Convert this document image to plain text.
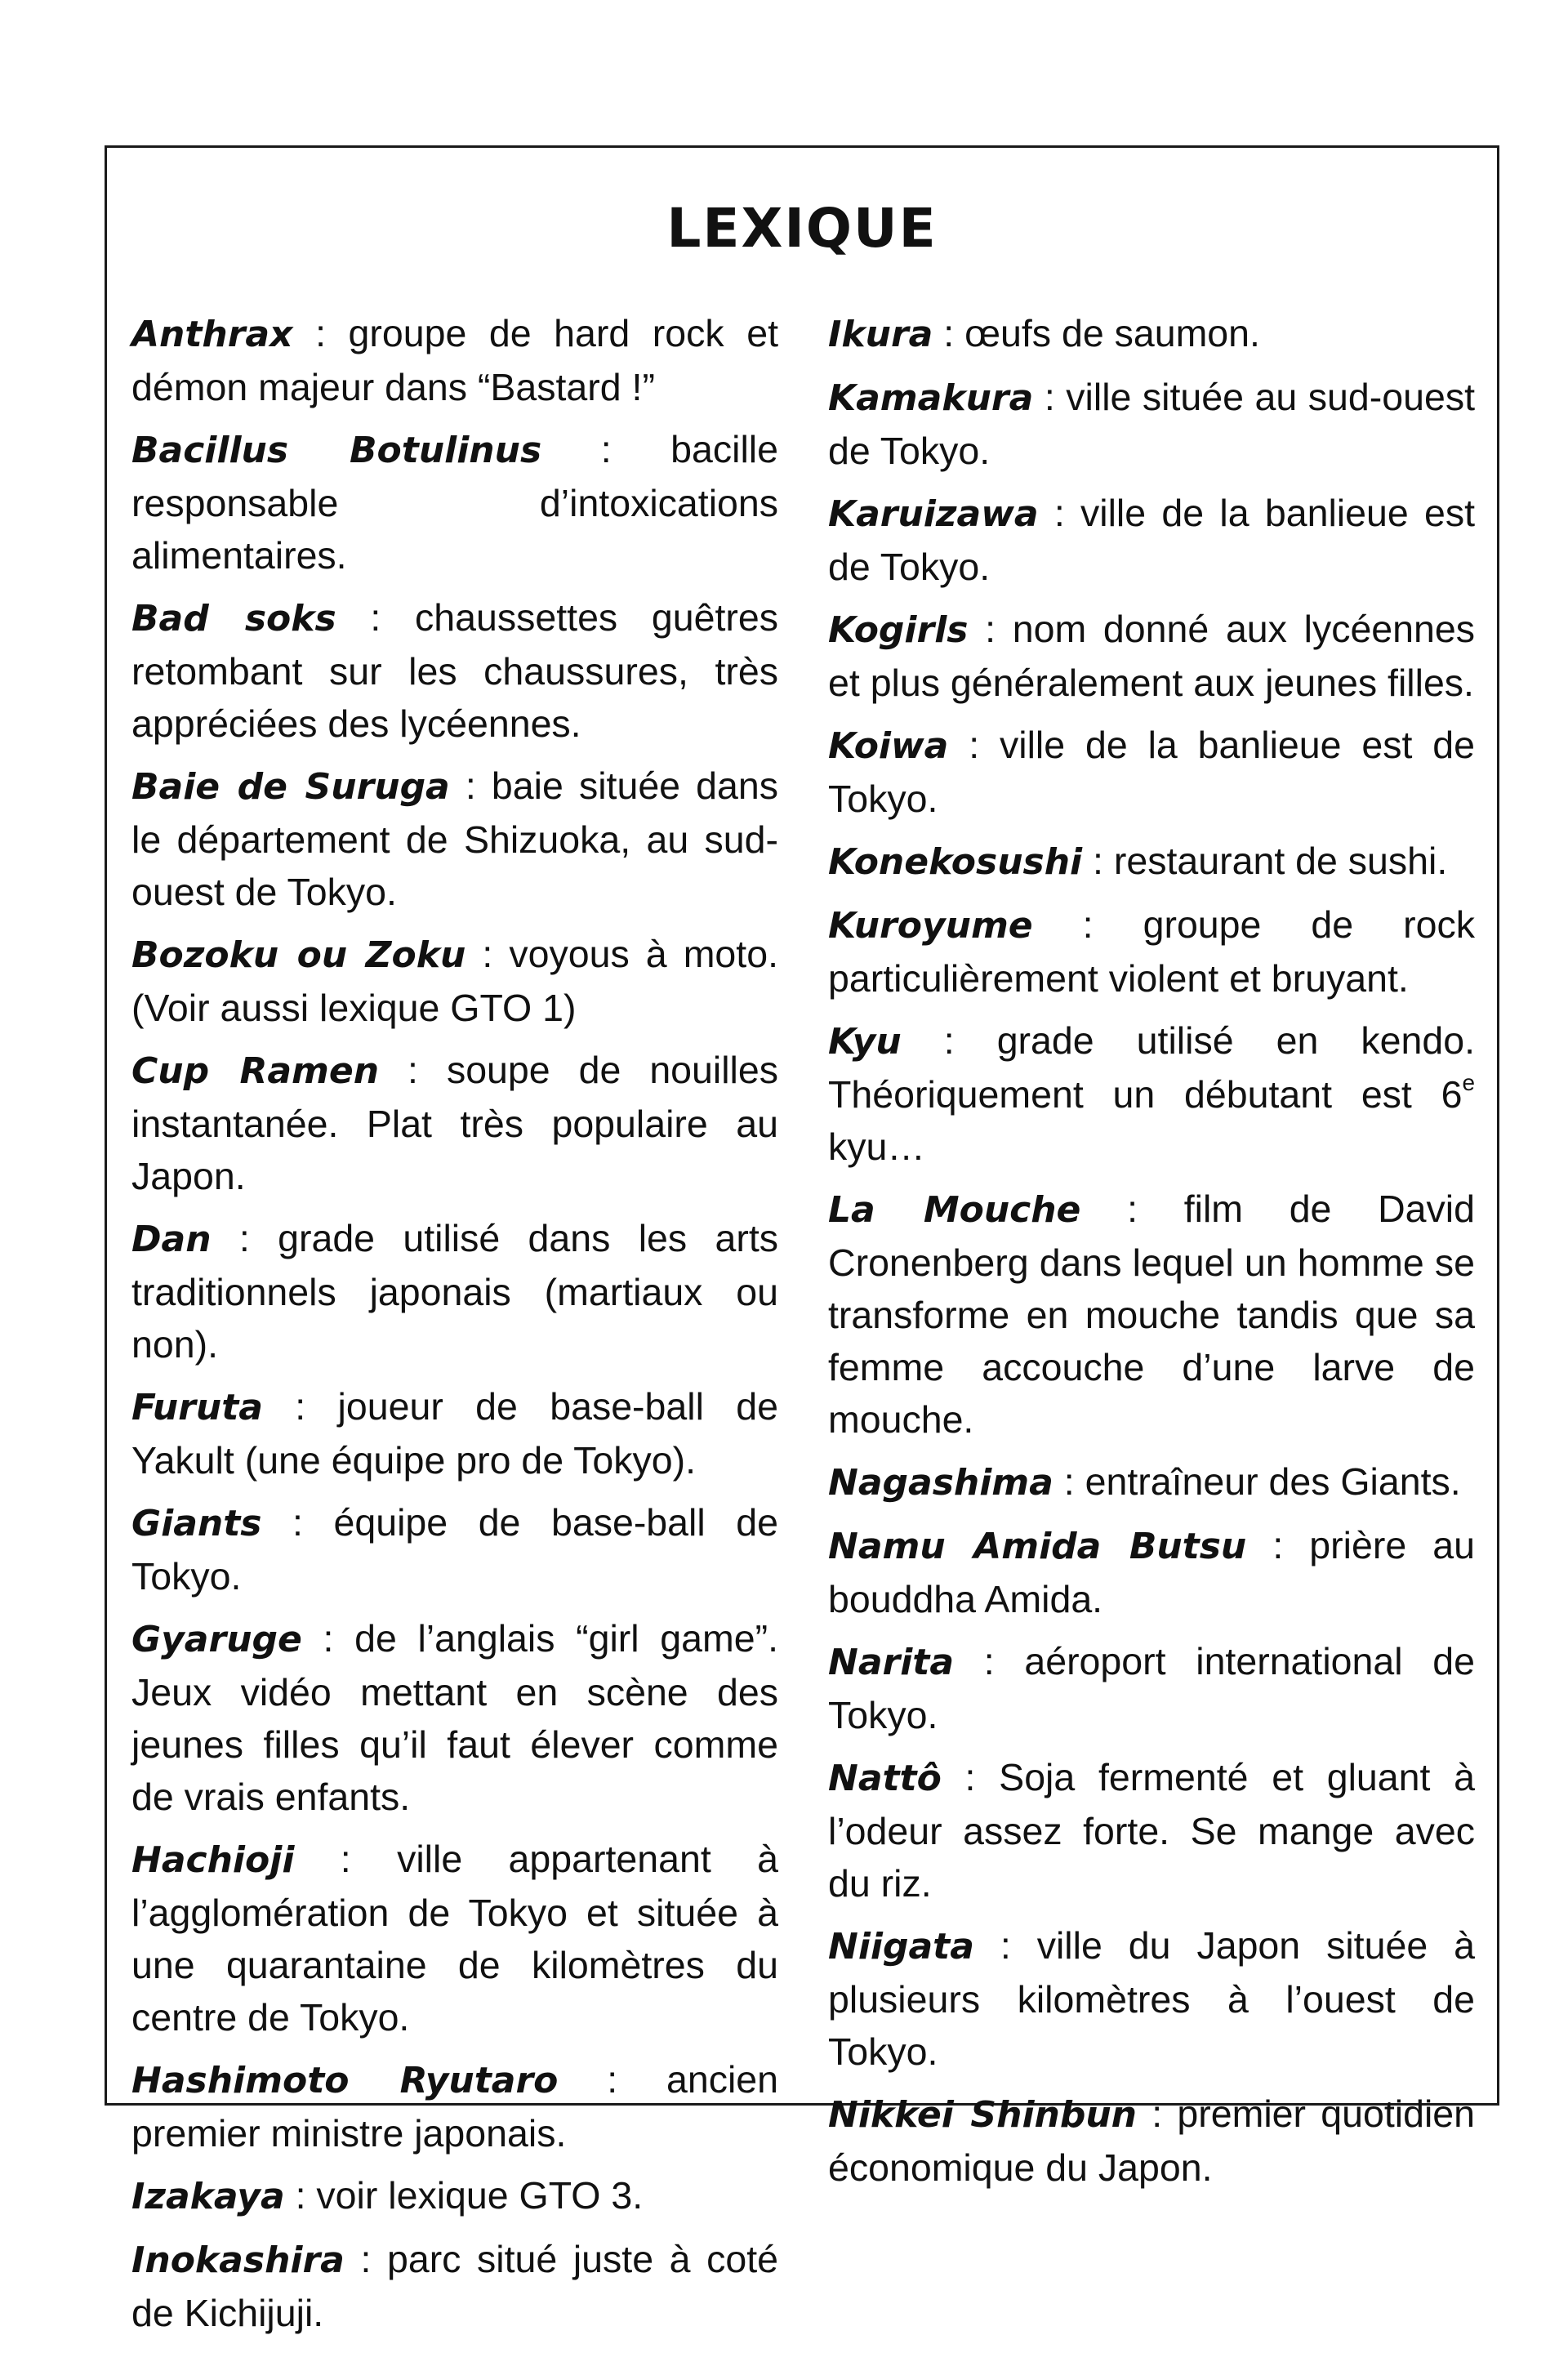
LEXIQUE

Anthrax : groupe de hard rock et démon majeur dans “Bastard !”

Bacillus Botulinus : bacille responsable d’intoxications alimentaires.

Bad soks : chaussettes guêtres retombant sur les chaussures, très appréciées des lycéennes.

Baie de Suruga : baie située dans le département de Shizuoka, au sud-ouest de Tokyo.

Bozoku ou Zoku : voyous à moto. (Voir aussi lexique GTO 1)

Cup Ramen : soupe de nouilles instantanée. Plat très populaire au Japon.

Dan : grade utilisé dans les arts traditionnels japonais (martiaux ou non).

Furuta : joueur de base-ball de Yakult (une équipe pro de Tokyo).

Giants : équipe de base-ball de Tokyo.

Gyaruge : de l’anglais “girl game”. Jeux vidéo mettant en scène des jeunes filles qu’il faut élever comme de vrais enfants.

Hachioji : ville appartenant à l’agglomération de Tokyo et située à une quarantaine de kilomètres du centre de Tokyo.

Hashimoto Ryutaro : ancien premier ministre japonais.

Izakaya : voir lexique GTO 3.

Inokashira : parc situé juste à coté de Kichijuji.

Ikura : œufs de saumon.

Kamakura : ville située au sud-ouest de Tokyo.

Karuizawa : ville de la banlieue est de Tokyo.

Kogirls : nom donné aux lycéennes et plus généralement aux jeunes filles.

Koiwa : ville de la banlieue est de Tokyo.

Konekosushi : restaurant de sushi.

Kuroyume : groupe de rock particulièrement violent et bruyant.

Kyu : grade utilisé en kendo. Théoriquement un débutant est 6e kyu…

La Mouche : film de David Cronenberg dans lequel un homme se transforme en mouche tandis que sa femme accouche d’une larve de mouche.

Nagashima : entraîneur des Giants.

Namu Amida Butsu : prière au bouddha Amida.

Narita : aéroport international de Tokyo.

Nattô : Soja fermenté et gluant à l’odeur assez forte. Se mange avec du riz.

Niigata : ville du Japon située à plusieurs kilomètres à l’ouest de Tokyo.

Nikkei Shinbun : premier quotidien économique du Japon.
